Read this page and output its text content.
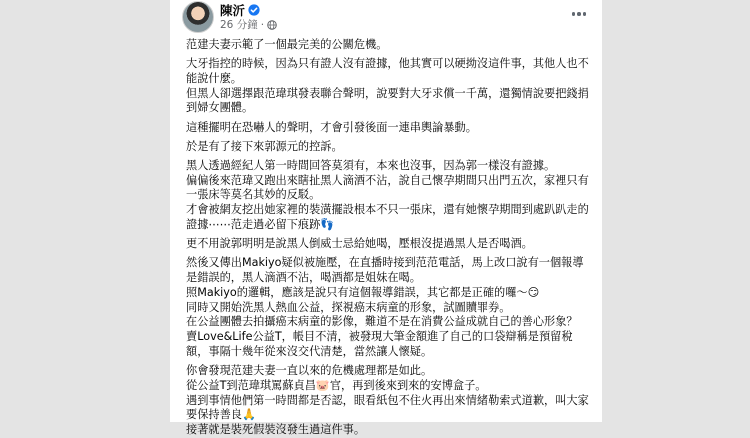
陳沂
26 分鐘 ·

范建夫妻示範了一個最完美的公關危機。

大牙指控的時候，因為只有證人沒有證據，他其實可以硬拗沒這件事，其他人也不能說什麼。

但黑人卻選擇跟范瑋琪發表聯合聲明，說要對大牙求償一千萬，還獨情說要把錢捐到婦女團體。

這種擺明在恐嚇人的聲明，才會引發後面一連串輿論暴動。

於是有了接下來郭源元的控訴。

黑人透過經紀人第一時間回答莫須有，本來也沒事，因為郭一樣沒有證據。

偏偏後來范瑋又跑出來瞎扯黑人滴酒不沾，說自己懷孕期間只出門五次，家裡只有一張床等莫名其妙的反駁。

才會被網友挖出她家裡的裝潢擺設根本不只一張床，還有她懷孕期間到處趴趴走的證據⋯⋯范走過必留下痕跡👣

更不用說郭明明是說黑人倒威士忌給她喝，壓根沒提過黑人是否喝酒。

然後又傳出Makiyo疑似被施壓，在直播時接到范范電話，馬上改口說有一個報導是錯誤的，黑人滴酒不沾，喝酒都是姐妹在喝。

照Makiyo的邏輯，應該是說只有這個報導錯誤，其它都是正確的囉～😏

同時又開始洗黑人熱血公益，探視癌末病童的形象，試圖贖罪券。

在公益團體去拍攝癌末病童的影像，難道不是在消費公益成就自己的善心形象？

賣Love&Life公益T，帳目不清，被發現大筆金額進了自己的口袋辯稱是預留稅額，事隔十幾年從來沒交代清楚，當然讓人懷疑。

你會發現范建夫妻一直以來的危機處理都是如此。

從公益T到范瑋琪罵蘇貞昌🐷官，再到後來到來的安博盒子。

遇到事情他們第一時間都是否認，眼看紙包不住火再出來情緒勒索式道歉，叫大家要保持善良🙏

接著就是裝死假裝沒發生過這件事。
